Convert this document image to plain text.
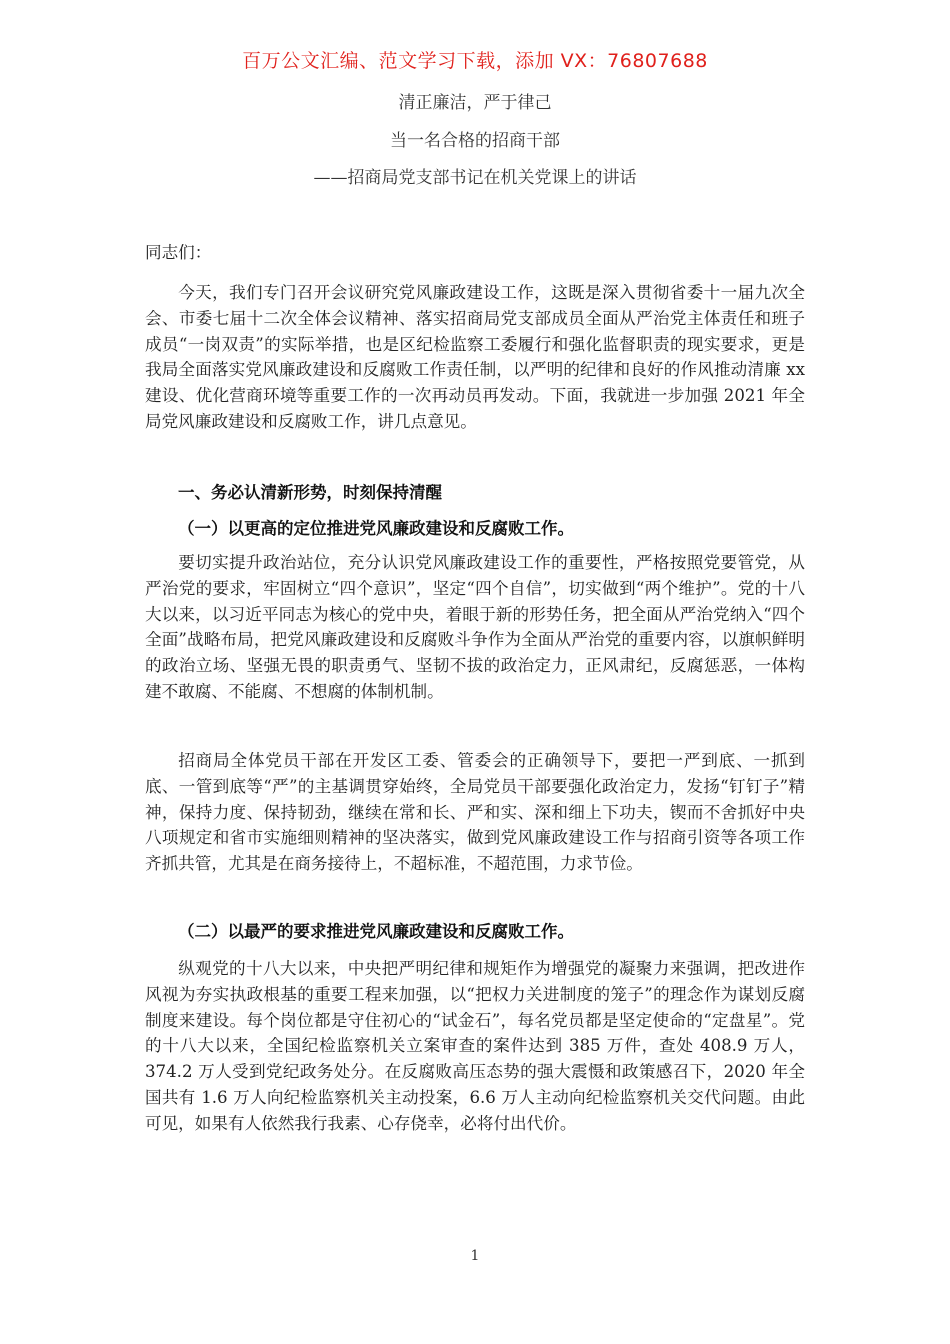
百万公文汇编、范文学习下载，添加 VX：76807688
清正廉洁，严于律己
当一名合格的招商干部
——招商局党支部书记在机关党课上的讲话

同志们：

今天，我们专门召开会议研究党风廉政建设工作，这既是深入贯彻省委十一届九次全会、市委七届十二次全体会议精神、落实招商局党支部成员全面从严治党主体责任和班子成员“一岗双责”的实际举措，也是区纪检监察工委履行和强化监督职责的现实要求，更是我局全面落实党风廉政建设和反腐败工作责任制，以严明的纪律和良好的作风推动清廉 xx 建设、优化营商环境等重要工作的一次再动员再发动。下面，我就进一步加强 2021 年全局党风廉政建设和反腐败工作，讲几点意见。

一、务必认清新形势，时刻保持清醒
（一）以更高的定位推进党风廉政建设和反腐败工作。

要切实提升政治站位，充分认识党风廉政建设工作的重要性，严格按照党要管党，从严治党的要求，牢固树立“四个意识”，坚定“四个自信”，切实做到“两个维护”。党的十八大以来，以习近平同志为核心的党中央，着眼于新的形势任务，把全面从严治党纳入“四个全面”战略布局，把党风廉政建设和反腐败斗争作为全面从严治党的重要内容，以旗帜鲜明的政治立场、坚强无畏的职责勇气、坚韧不拔的政治定力，正风肃纪，反腐惩恶，一体构建不敢腐、不能腐、不想腐的体制机制。

招商局全体党员干部在开发区工委、管委会的正确领导下，要把一严到底、一抓到底、一管到底等“严”的主基调贯穿始终，全局党员干部要强化政治定力，发扬“钉钉子”精神，保持力度、保持韧劲，继续在常和长、严和实、深和细上下功夫，锲而不舍抓好中央八项规定和省市实施细则精神的坚决落实，做到党风廉政建设工作与招商引资等各项工作齐抓共管，尤其是在商务接待上，不超标准，不超范围，力求节俭。

（二）以最严的要求推进党风廉政建设和反腐败工作。

纵观党的十八大以来，中央把严明纪律和规矩作为增强党的凝聚力来强调，把改进作风视为夯实执政根基的重要工程来加强，以“把权力关进制度的笼子”的理念作为谋划反腐制度来建设。每个岗位都是守住初心的“试金石”，每名党员都是坚定使命的“定盘星”。党的十八大以来，全国纪检监察机关立案审查的案件达到 385 万件，查处 408.9 万人，374.2 万人受到党纪政务处分。在反腐败高压态势的强大震慑和政策感召下，2020 年全国共有 1.6 万人向纪检监察机关主动投案，6.6 万人主动向纪检监察机关交代问题。由此可见，如果有人依然我行我素、心存侥幸，必将付出代价。

1
